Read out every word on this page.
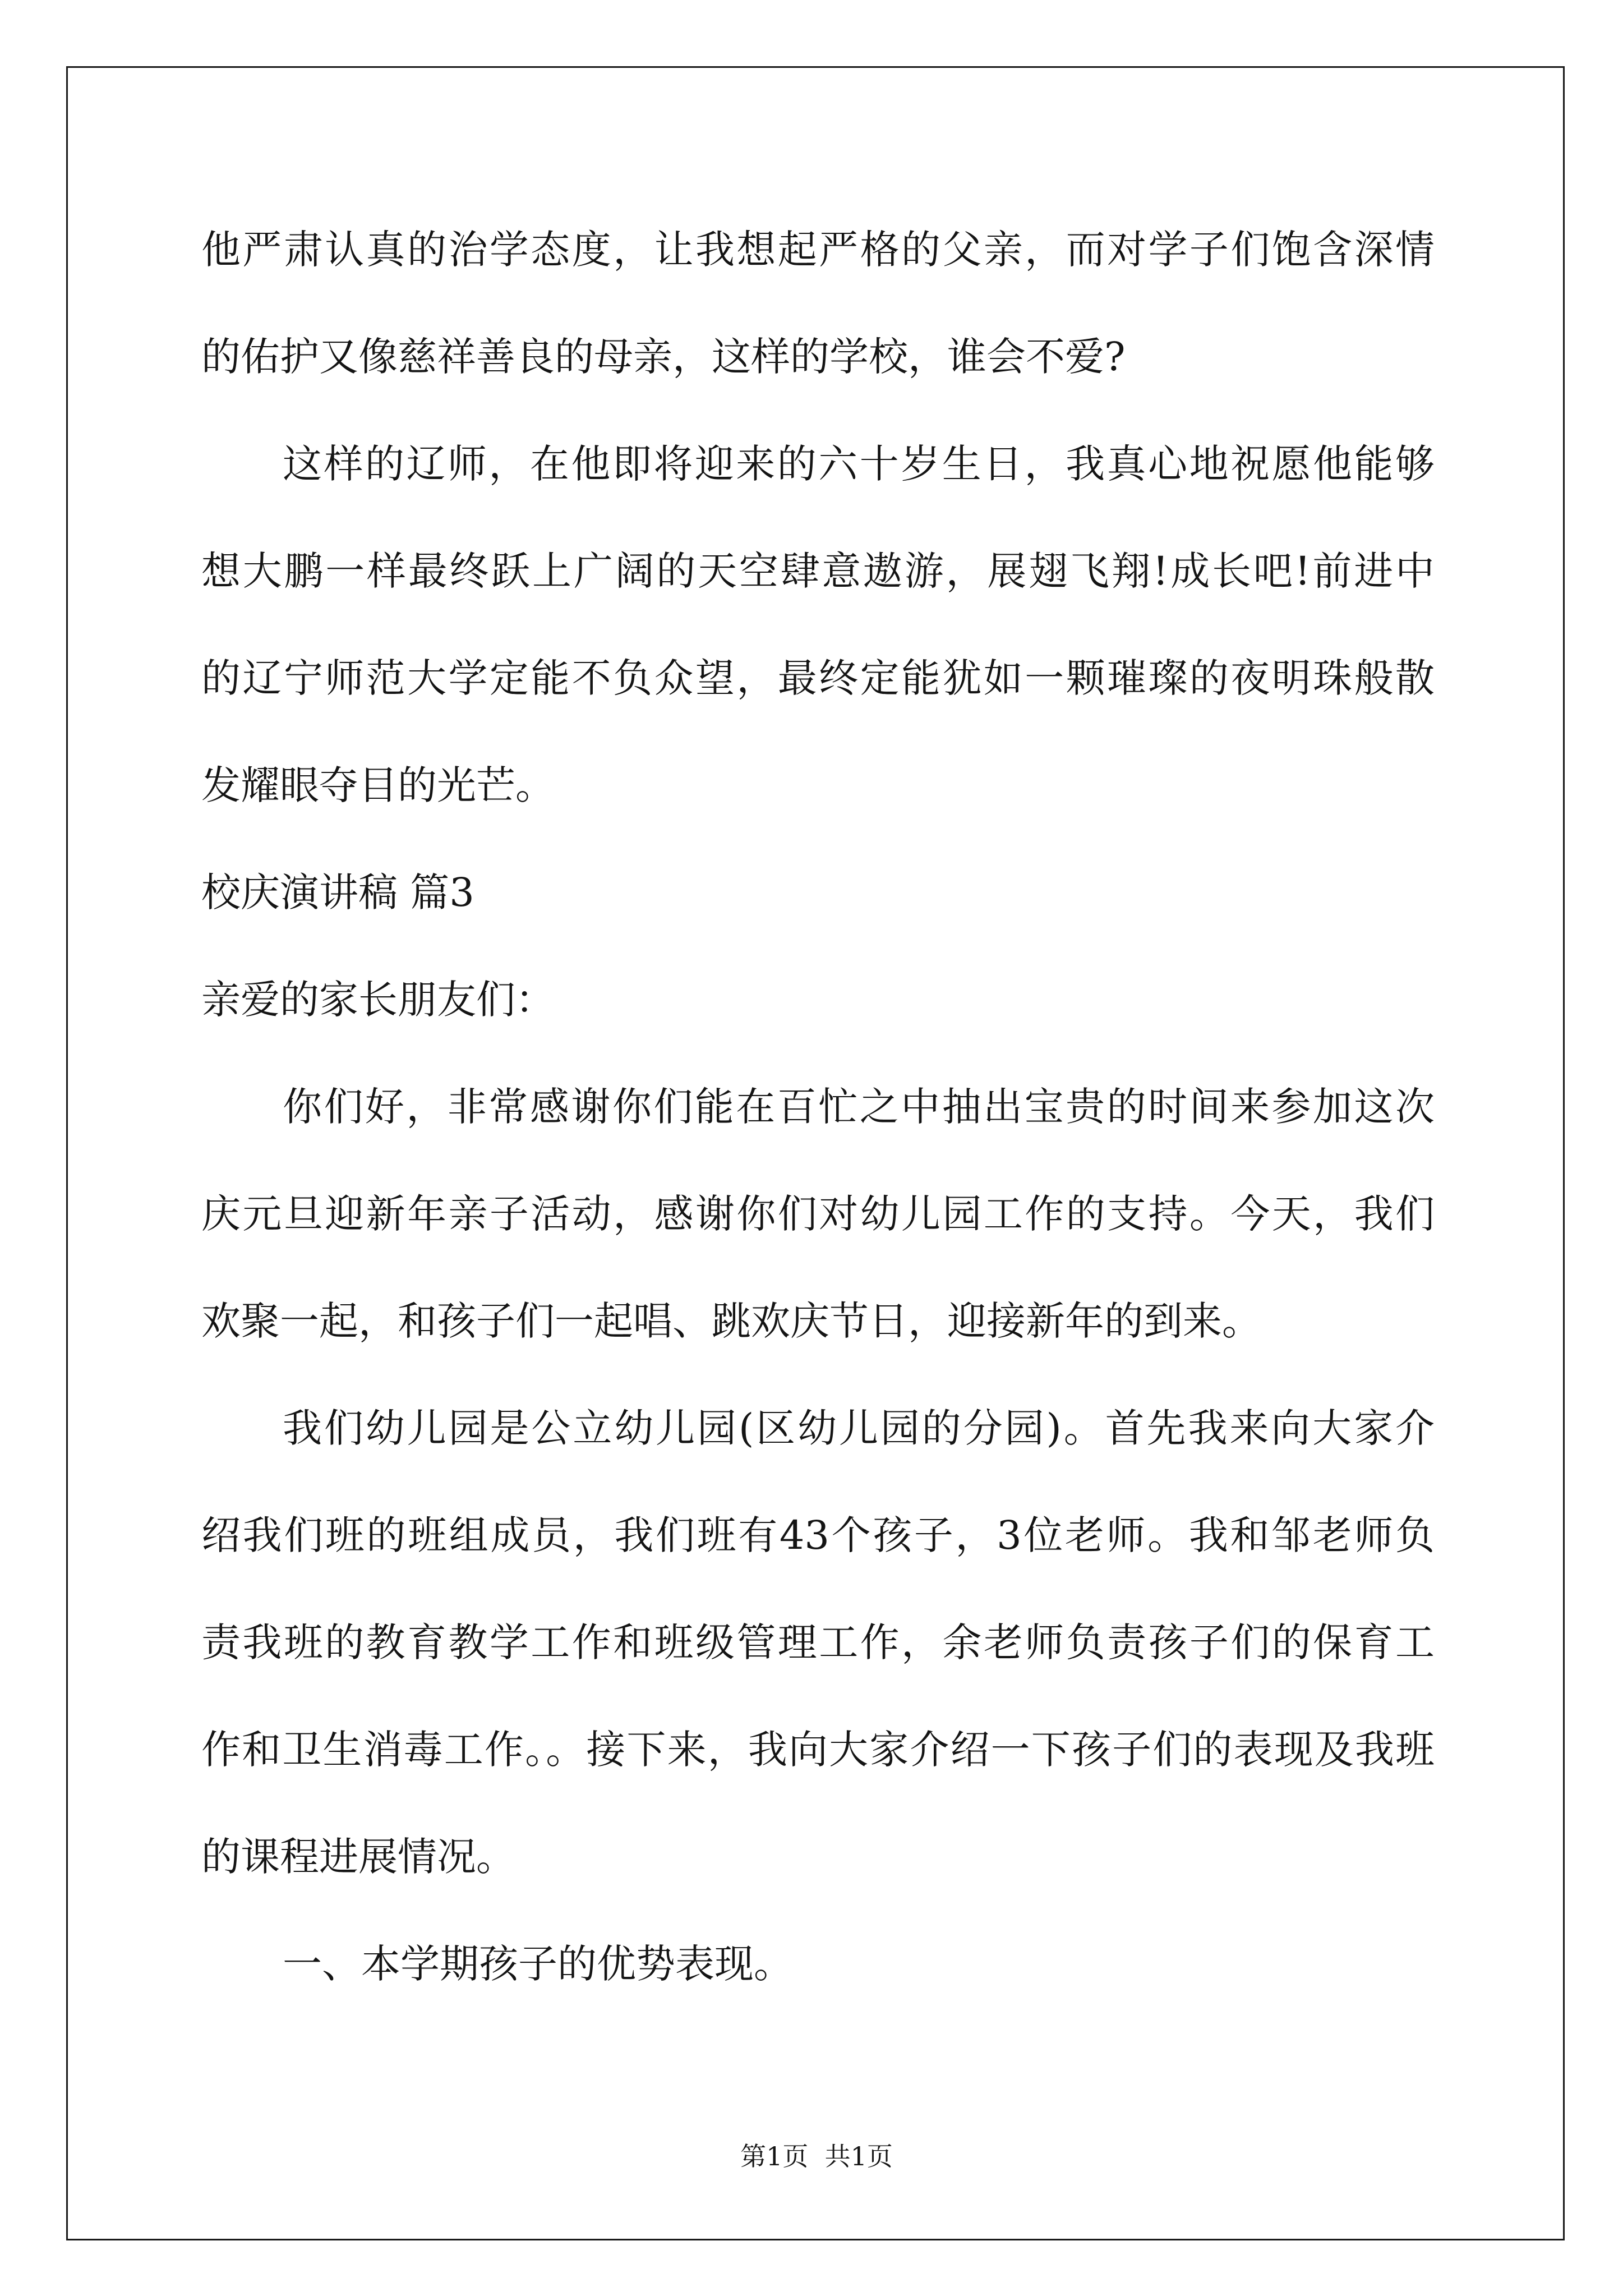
他严肃认真的治学态度，让我想起严格的父亲，而对学子们饱含深情
的佑护又像慈祥善良的母亲，这样的学校，谁会不爱?
这样的辽师，在他即将迎来的六十岁生日，我真心地祝愿他能够
想大鹏一样最终跃上广阔的天空肆意遨游，展翅飞翔!成长吧!前进中
的辽宁师范大学定能不负众望，最终定能犹如一颗璀璨的夜明珠般散
发耀眼夺目的光芒。
校庆演讲稿 篇3
亲爱的家长朋友们：
你们好，非常感谢你们能在百忙之中抽出宝贵的时间来参加这次
庆元旦迎新年亲子活动，感谢你们对幼儿园工作的支持。今天，我们
欢聚一起，和孩子们一起唱、跳欢庆节日，迎接新年的到来。
我们幼儿园是公立幼儿园(区幼儿园的分园)。首先我来向大家介
绍我们班的班组成员，我们班有43个孩子，3位老师。我和邹老师负
责我班的教育教学工作和班级管理工作，余老师负责孩子们的保育工
作和卫生消毒工作。。接下来，我向大家介绍一下孩子们的表现及我班
的课程进展情况。
一、本学期孩子的优势表现。
第1页  共1页
